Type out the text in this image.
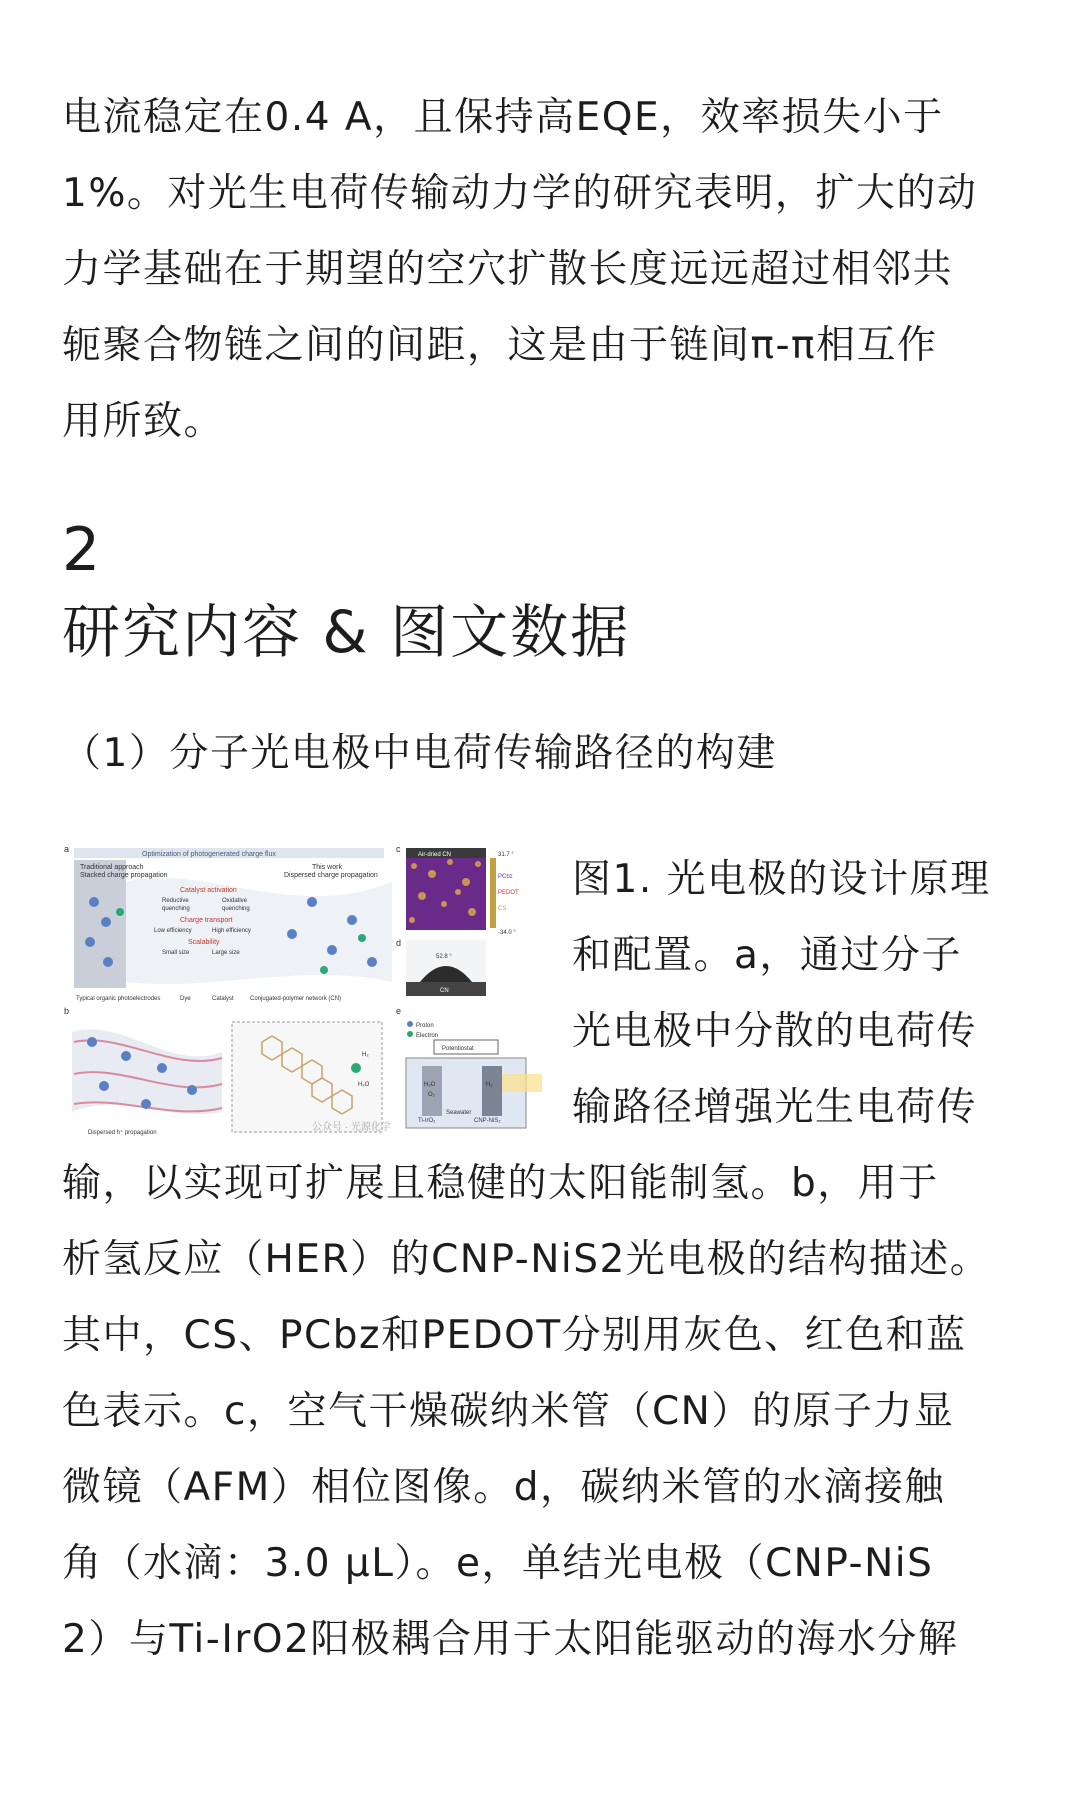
电流稳定在0.4 A，且保持高EQE，效率损失小于
1%。对光生电荷传输动力学的研究表明，扩大的动
力学基础在于期望的空穴扩散长度远远超过相邻共
轭聚合物链之间的间距，这是由于链间π-π相互作
用所致。

2
研究内容 & 图文数据
（1）分子光电极中电荷传输路径的构建
a
Optimization of photogenerated charge flux
Traditional approach
Stacked charge propagation
This work
Dispersed charge propagation
Catalyst activation
Reductive	Oxidative
quenching	quenching
Charge transport
Low efficiency	High efficiency
Scalability
Small size	Large size
Typical organic photoelectrodes	Dye	Catalyst	Conjugated-polymer network (CN)
c
Air-dried CN	31.7 °
PCbz
PEDOT
CS
-34.0 °
d
52.8 °
CN
b
Dispersed h⁺ propagation
H₂
H₂O
e
Proton
Electron
Potentiostat
H₂O
O₂
H₂
Ti-IrO₂
Seawater
CNP-NiS₂
公众号 · 光源化学
图1. 光电极的设计原理
和配置。a，通过分子
光电极中分散的电荷传
输路径增强光生电荷传
输，以实现可扩展且稳健的太阳能制氢。b，用于
析氢反应（HER）的CNP-NiS2光电极的结构描述。
其中，CS、PCbz和PEDOT分别用灰色、红色和蓝
色表示。c，空气干燥碳纳米管（CN）的原子力显
微镜（AFM）相位图像。d，碳纳米管的水滴接触
角（水滴：3.0 μL）。e，单结光电极（CNP-NiS
2）与Ti-IrO2阳极耦合用于太阳能驱动的海水分解
